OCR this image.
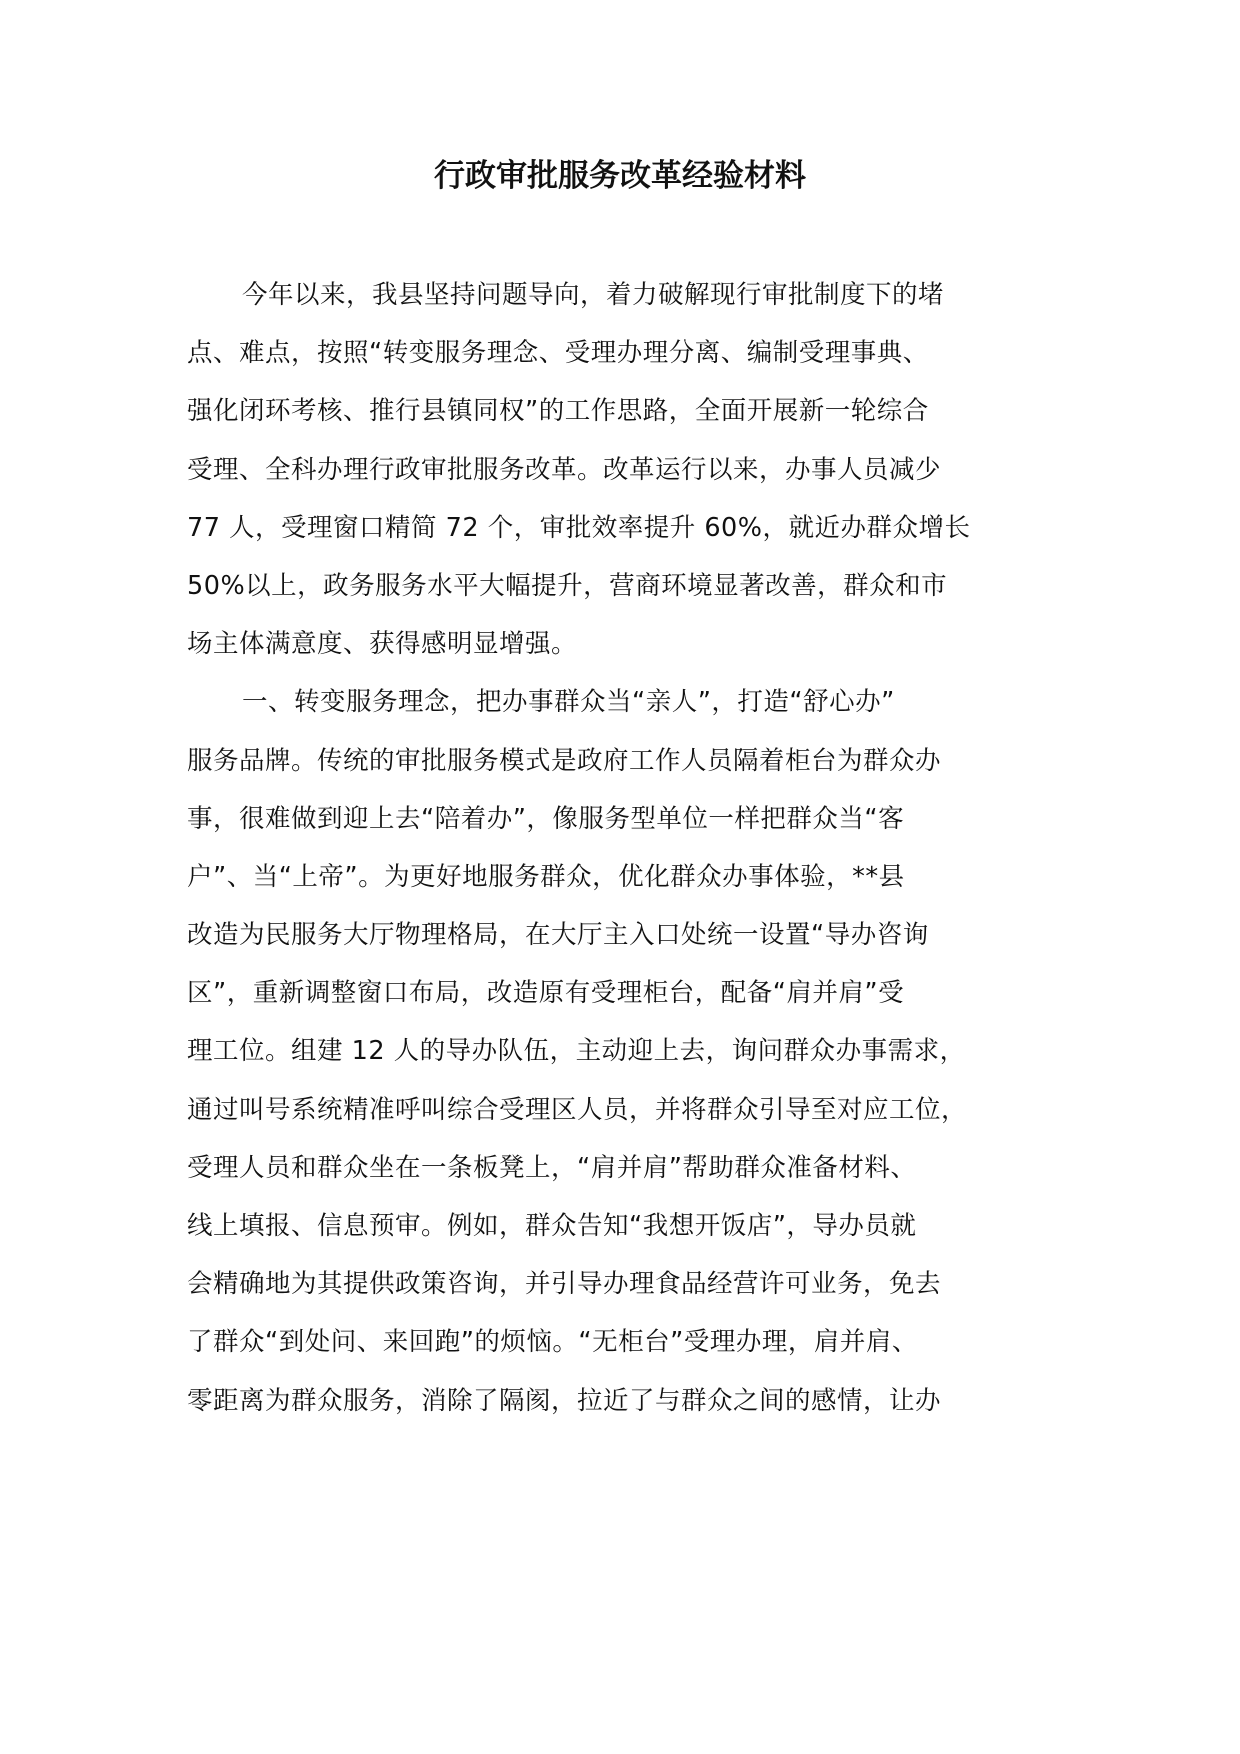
行政审批服务改革经验材料
今年以来，我县坚持问题导向，着力破解现行审批制度下的堵
点、难点，按照“转变服务理念、受理办理分离、编制受理事典、
强化闭环考核、推行县镇同权”的工作思路，全面开展新一轮综合
受理、全科办理行政审批服务改革。改革运行以来，办事人员减少
77 人，受理窗口精简 72 个，审批效率提升 60%，就近办群众增长
50%以上，政务服务水平大幅提升，营商环境显著改善，群众和市
场主体满意度、获得感明显增强。
一、转变服务理念，把办事群众当“亲人”，打造“舒心办”
服务品牌。传统的审批服务模式是政府工作人员隔着柜台为群众办
事，很难做到迎上去“陪着办”，像服务型单位一样把群众当“客
户”、当“上帝”。为更好地服务群众，优化群众办事体验，**县
改造为民服务大厅物理格局，在大厅主入口处统一设置“导办咨询
区”，重新调整窗口布局，改造原有受理柜台，配备“肩并肩”受
理工位。组建 12 人的导办队伍，主动迎上去，询问群众办事需求，
通过叫号系统精准呼叫综合受理区人员，并将群众引导至对应工位，
受理人员和群众坐在一条板凳上，“肩并肩”帮助群众准备材料、
线上填报、信息预审。例如，群众告知“我想开饭店”，导办员就
会精确地为其提供政策咨询，并引导办理食品经营许可业务，免去
了群众“到处问、来回跑”的烦恼。“无柜台”受理办理，肩并肩、
零距离为群众服务，消除了隔阂，拉近了与群众之间的感情，让办
